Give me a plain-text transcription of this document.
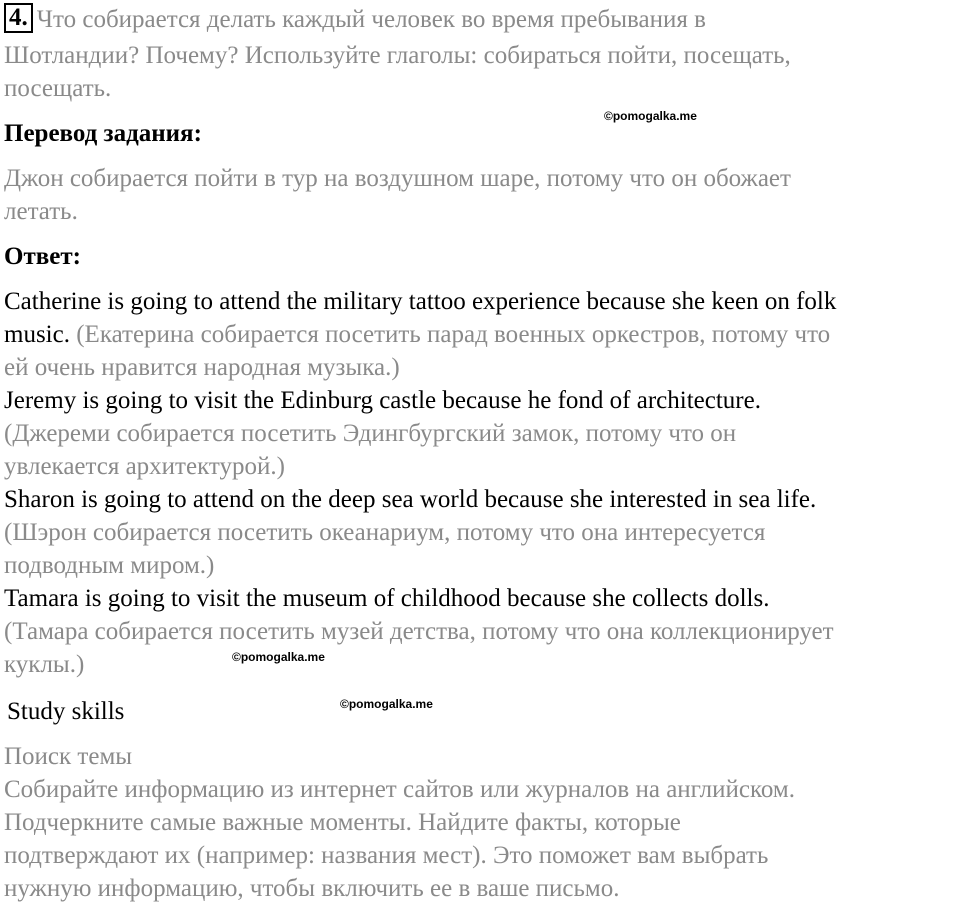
4. Что собирается делать каждый человек во время пребывания в
Шотландии? Почему? Используйте глаголы: собираться пойти, посещать,
посещать.
Перевод задания:
Джон собирается пойти в тур на воздушном шаре, потому что он обожает
летать.
Ответ:
Catherine is going to attend the military tattoo experience because she keen on folk
music. (Екатерина собирается посетить парад военных оркестров, потому что
ей очень нравится народная музыка.)
Jeremy is going to visit the Edinburg castle because he fond of architecture.
(Джереми собирается посетить Эдингбургский замок, потому что он
увлекается архитектурой.)
Sharon is going to attend on the deep sea world because she interested in sea life.
(Шэрон собирается посетить океанариум, потому что она интересуется
подводным миром.)
Tamara is going to visit the museum of childhood because she collects dolls.
(Тамара собирается посетить музей детства, потому что она коллекционирует
куклы.)
Study skills
Поиск темы
Собирайте информацию из интернет сайтов или журналов на английском.
Подчеркните самые важные моменты. Найдите факты, которые
подтверждают их (например: названия мест). Это поможет вам выбрать
нужную информацию, чтобы включить ее в ваше письмо.
©pomogalka.me
©pomogalka.me
©pomogalka.me
